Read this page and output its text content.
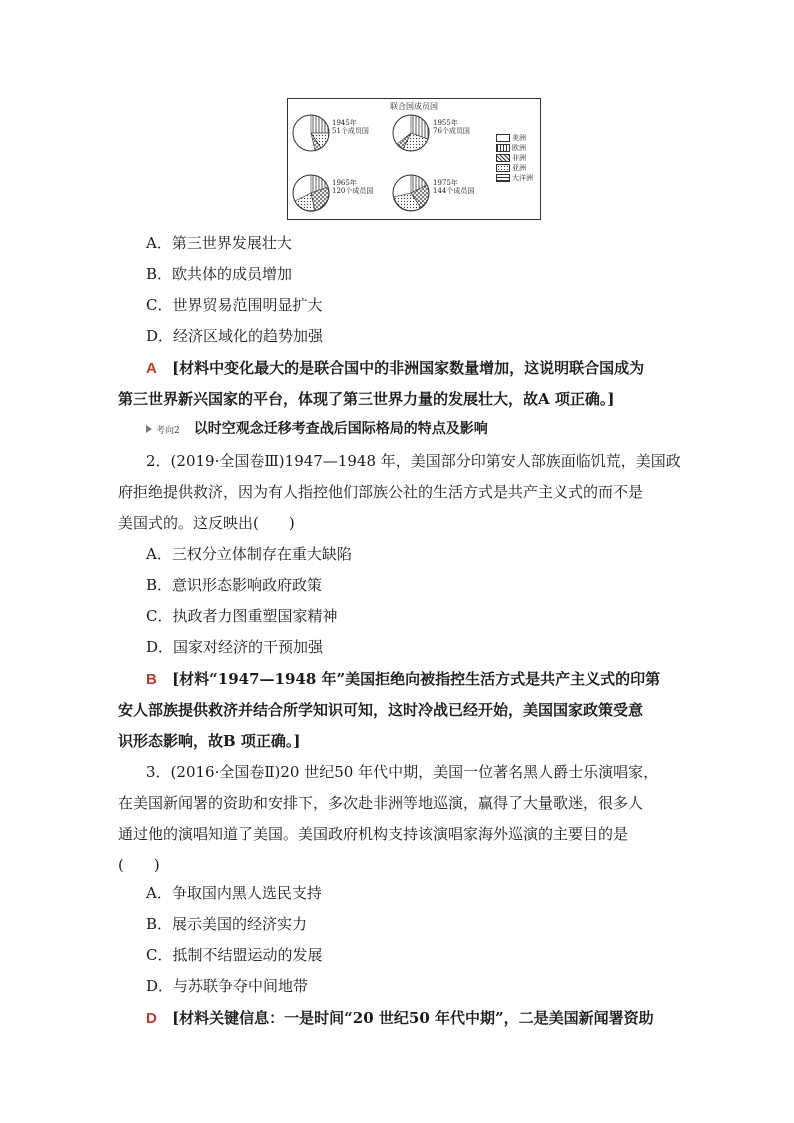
联合国成员国
1945年
51个成员国
1955年
76个成员国
1965年
120个成员国
1975年
144个成员国
美洲
欧洲
非洲
亚洲
大洋洲
A．第三世界发展壮大
B．欧共体的成员增加
C．世界贸易范围明显扩大
D．经济区域化的趋势加强
A [材料中变化最大的是联合国中的非洲国家数量增加，这说明联合国成为
第三世界新兴国家的平台，体现了第三世界力量的发展壮大，故A 项正确。]
考向2 以时空观念迁移考查战后国际格局的特点及影响
2．(2019·全国卷Ⅲ)1947—1948 年，美国部分印第安人部族面临饥荒，美国政
府拒绝提供救济，因为有人指控他们部族公社的生活方式是共产主义式的而不是
美国式的。这反映出(　　)
A．三权分立体制存在重大缺陷
B．意识形态影响政府政策
C．执政者力图重塑国家精神
D．国家对经济的干预加强
B [材料“1947—1948 年”美国拒绝向被指控生活方式是共产主义式的印第
安人部族提供救济并结合所学知识可知，这时冷战已经开始，美国国家政策受意
识形态影响，故B 项正确。]
3．(2016·全国卷Ⅱ)20 世纪50 年代中期，美国一位著名黑人爵士乐演唱家，
在美国新闻署的资助和安排下，多次赴非洲等地巡演，赢得了大量歌迷，很多人
通过他的演唱知道了美国。美国政府机构支持该演唱家海外巡演的主要目的是
(　　)
A．争取国内黑人选民支持
B．展示美国的经济实力
C．抵制不结盟运动的发展
D．与苏联争夺中间地带
D [材料关键信息：一是时间“20 世纪50 年代中期”，二是美国新闻署资助
